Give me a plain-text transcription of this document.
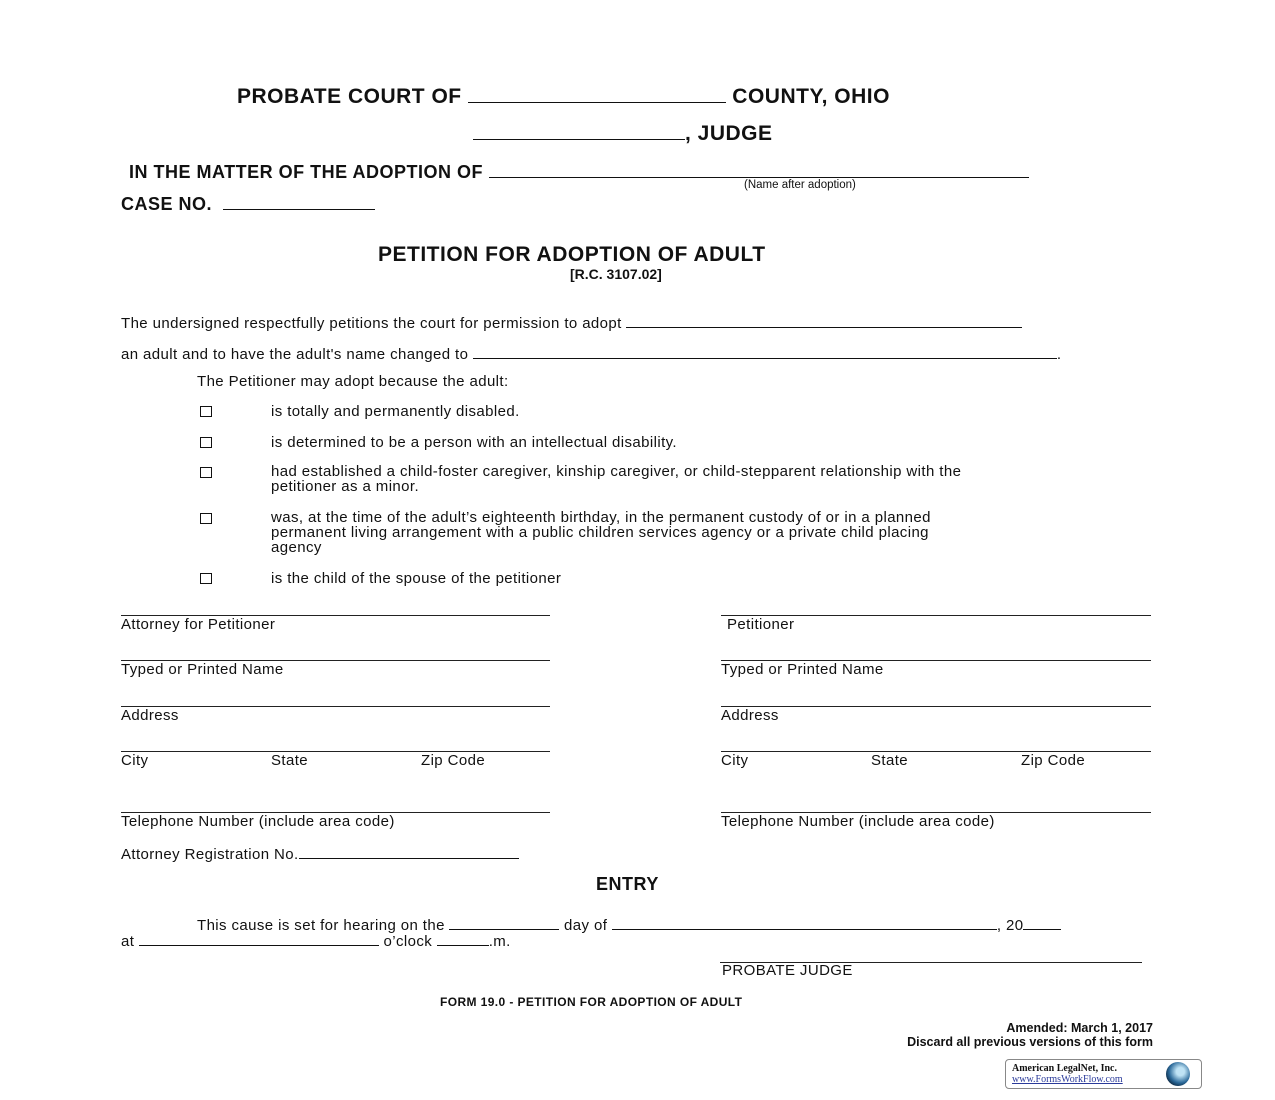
PROBATE COURT OF	COUNTY, OHIO
, JUDGE
IN THE MATTER OF THE ADOPTION OF
(Name after adoption)
CASE NO.
PETITION FOR ADOPTION OF ADULT
[R.C. 3107.02]
The undersigned respectfully petitions the court for permission to adopt
an adult and to have the adult's name changed to	.
The Petitioner may adopt because the adult:
is totally and permanently disabled.
is determined to be a person with an intellectual disability.
had established a child-foster caregiver, kinship caregiver, or child-stepparent relationship with the
petitioner as a minor.
was, at the time of the adult’s eighteenth birthday, in the permanent custody of or in a planned
permanent living arrangement with a public children services agency or a private child placing
agency
is the child of the spouse of the petitioner
Attorney for Petitioner
Typed or Printed Name
Address
City	State	Zip Code
Telephone Number (include area code)
Attorney Registration No.
Petitioner
Typed or Printed Name
Address
City	State	Zip Code
Telephone Number (include area code)
ENTRY
This cause is set for hearing on the	day of	, 20
at	o’clock	.m.
PROBATE JUDGE
FORM 19.0 - PETITION FOR ADOPTION OF ADULT
Amended: March 1, 2017
Discard all previous versions of this form
American LegalNet, Inc.
www.FormsWorkFlow.com
